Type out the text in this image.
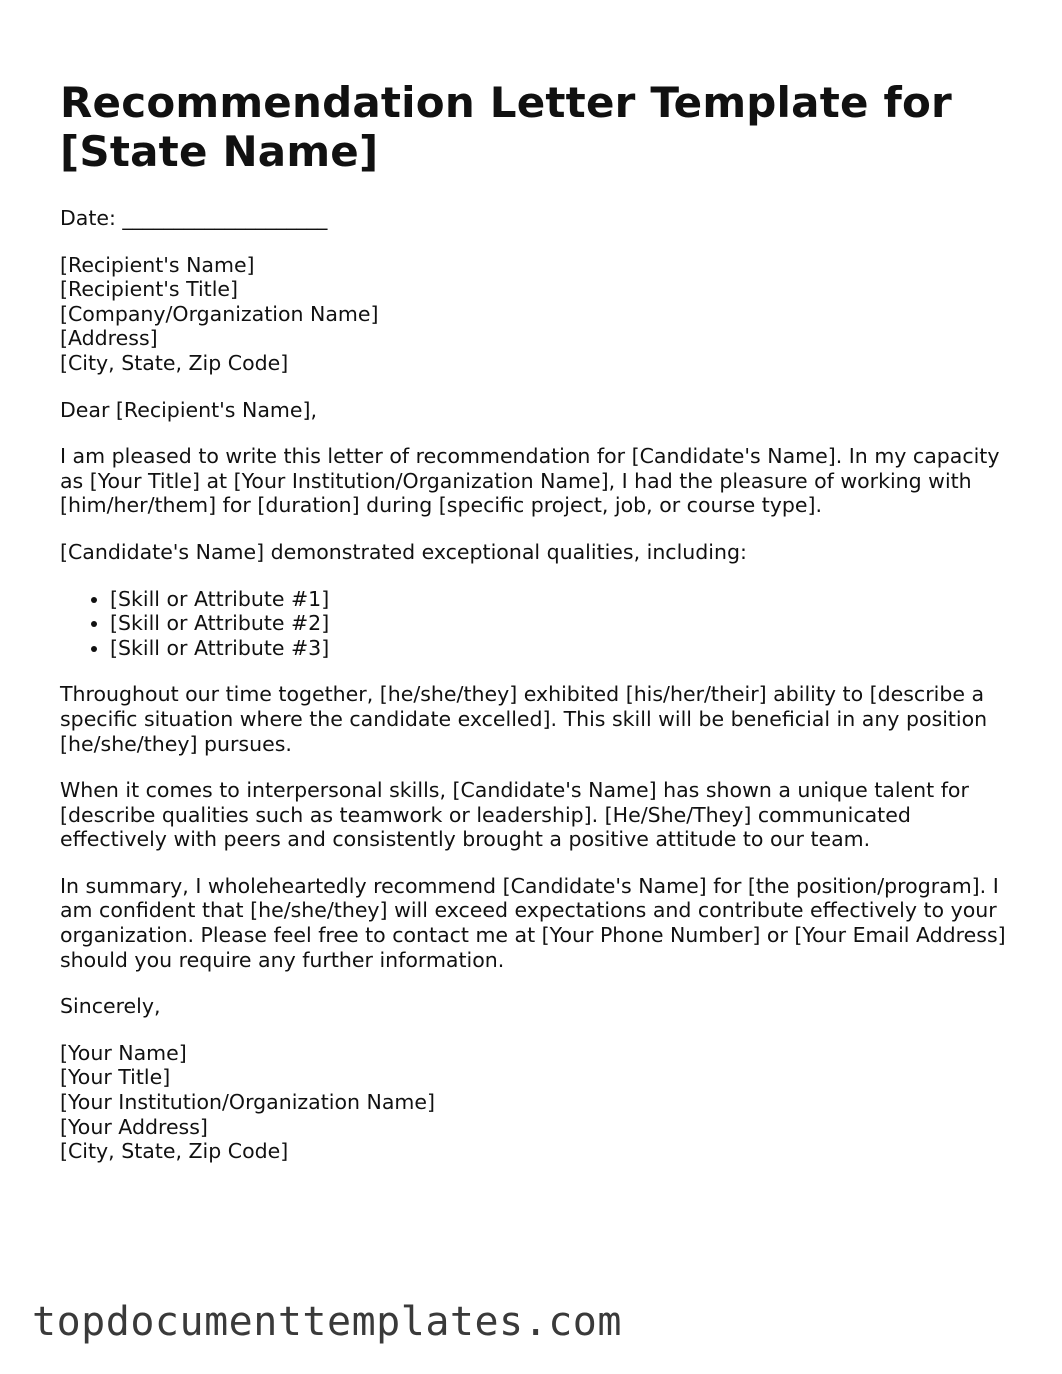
Recommendation Letter Template for [State Name]

Date: ____________________

[Recipient's Name]
[Recipient's Title]
[Company/Organization Name]
[Address]
[City, State, Zip Code]

Dear [Recipient's Name],

I am pleased to write this letter of recommendation for [Candidate's Name]. In my capacity as [Your Title] at [Your Institution/Organization Name], I had the pleasure of working with [him/her/them] for [duration] during [specific project, job, or course type].

[Candidate's Name] demonstrated exceptional qualities, including:

• [Skill or Attribute #1]
• [Skill or Attribute #2]
• [Skill or Attribute #3]

Throughout our time together, [he/she/they] exhibited [his/her/their] ability to [describe a specific situation where the candidate excelled]. This skill will be beneficial in any position [he/she/they] pursues.

When it comes to interpersonal skills, [Candidate's Name] has shown a unique talent for [describe qualities such as teamwork or leadership]. [He/She/They] communicated effectively with peers and consistently brought a positive attitude to our team.

In summary, I wholeheartedly recommend [Candidate's Name] for [the position/program]. I am confident that [he/she/they] will exceed expectations and contribute effectively to your organization. Please feel free to contact me at [Your Phone Number] or [Your Email Address] should you require any further information.

Sincerely,

[Your Name]
[Your Title]
[Your Institution/Organization Name]
[Your Address]
[City, State, Zip Code]
topdocumenttemplates.com
